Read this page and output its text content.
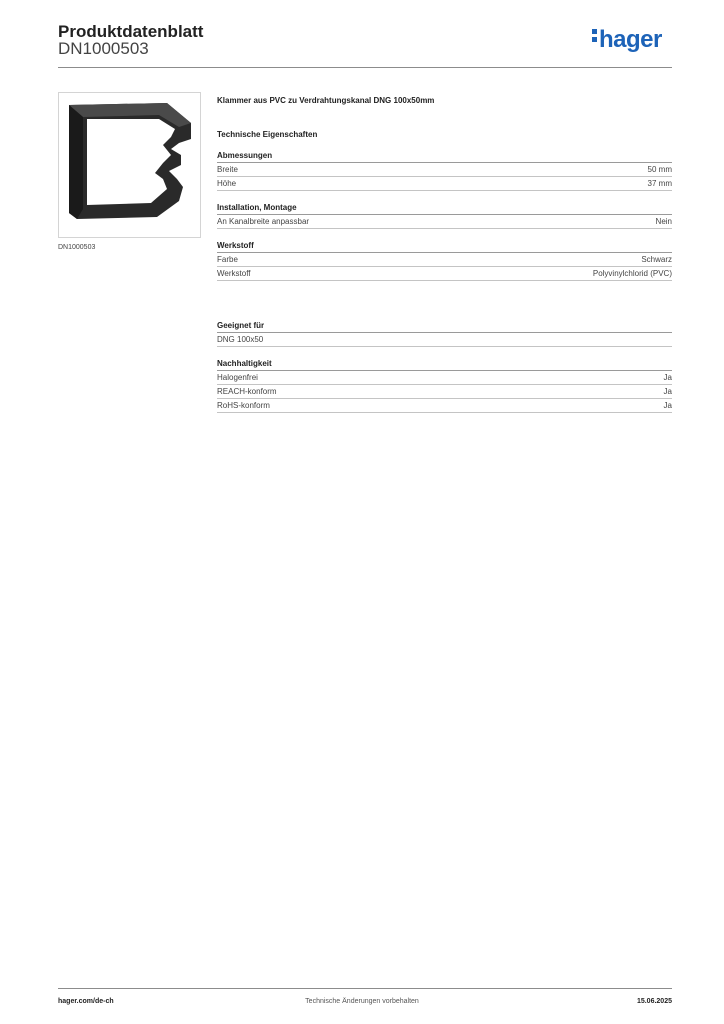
Produktdatenblatt
DN1000503	hager
DN1000503
Klammer aus PVC zu Verdrahtungskanal DNG 100x50mm
Technische Eigenschaften
Abmessungen
Breite	50 mm
Höhe	37 mm
Installation, Montage
An Kanalbreite anpassbar	Nein
Werkstoff
Farbe	Schwarz
Werkstoff	Polyvinylchlorid (PVC)
Geeignet für
DNG 100x50
Nachhaltigkeit
Halogenfrei	Ja
REACH-konform	Ja
RoHS-konform	Ja
hager.com/de-ch	Technische Änderungen vorbehalten	15.06.2025
